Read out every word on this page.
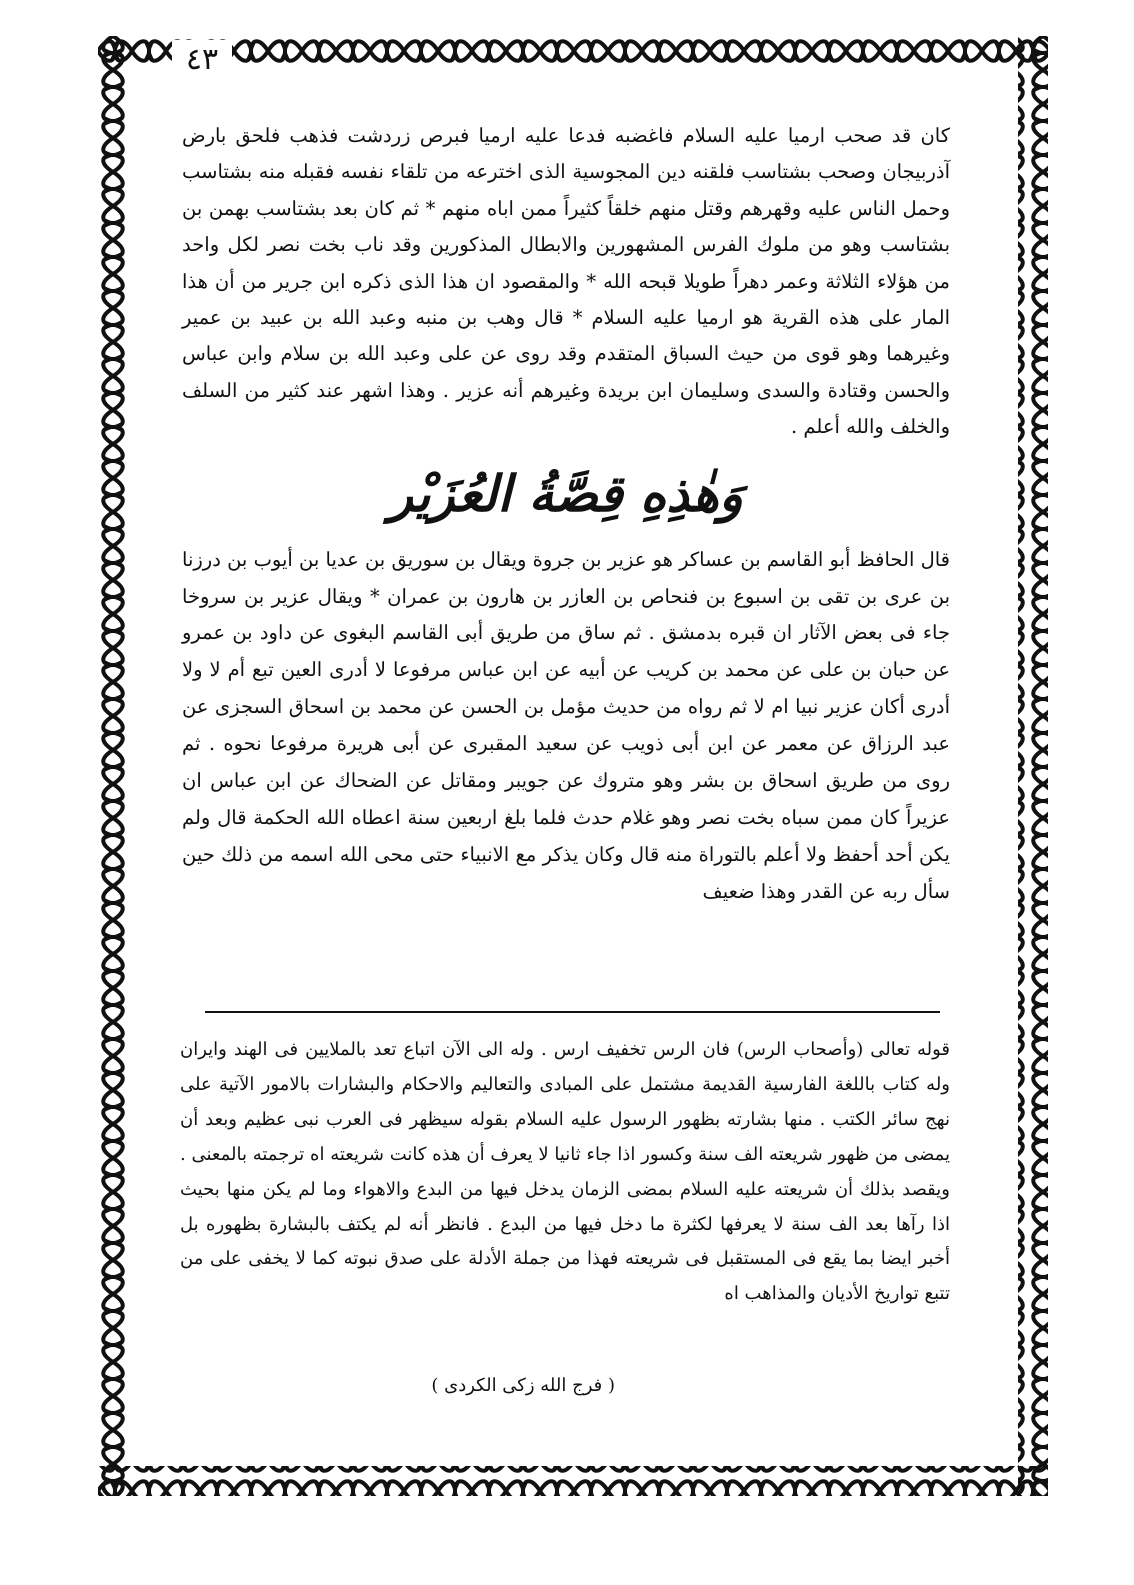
٤٣

كان قد صحب ارميا عليه السلام فاغضبه فدعا عليه ارميا فبرص زردشت فذهب فلحق بارض آذربيجان وصحب بشتاسب فلقنه دين المجوسية الذى اخترعه من تلقاء نفسه فقبله منه بشتاسب وحمل الناس عليه وقهرهم وقتل منهم خلقاً كثيراً ممن اباه منهم * ثم كان بعد بشتاسب بهمن بن بشتاسب وهو من ملوك الفرس المشهورين والابطال المذكورين وقد ناب بخت نصر لكل واحد من هؤلاء الثلاثة وعمر دهراً طويلا قبحه الله * والمقصود ان هذا الذى ذكره ابن جرير من أن هذا المار على هذه القرية هو ارميا عليه السلام * قال وهب بن منبه وعبد الله بن عبيد بن عمير وغيرهما وهو قوى من حيث السباق المتقدم وقد روى عن على وعبد الله بن سلام وابن عباس والحسن وقتادة والسدى وسليمان ابن بريدة وغيرهم أنه عزير . وهذا اشهر عند كثير من السلف والخلف والله أعلم .

وَهٰذِهِ قِصَّةُ العُزَيْر

قال الحافظ أبو القاسم بن عساكر هو عزير بن جروة ويقال بن سوريق بن عديا بن أيوب بن درزنا بن عرى بن تقى بن اسبوع بن فنحاص بن العازر بن هارون بن عمران * ويقال عزير بن سروخا جاء فى بعض الآثار ان قبره بدمشق . ثم ساق من طريق أبى القاسم البغوى عن داود بن عمرو عن حبان بن على عن محمد بن كريب عن أبيه عن ابن عباس مرفوعا لا أدرى العين تبع أم لا ولا أدرى أكان عزير نبيا ام لا ثم رواه من حديث مؤمل بن الحسن عن محمد بن اسحاق السجزى عن عبد الرزاق عن معمر عن ابن أبى ذويب عن سعيد المقبرى عن أبى هريرة مرفوعا نحوه . ثم روى من طريق اسحاق بن بشر وهو متروك عن جويبر ومقاتل عن الضحاك عن ابن عباس ان عزيراً كان ممن سباه بخت نصر وهو غلام حدث فلما بلغ اربعين سنة اعطاه الله الحكمة قال ولم يكن أحد أحفظ ولا أعلم بالتوراة منه قال وكان يذكر مع الانبياء حتى محى الله اسمه من ذلك حين سأل ربه عن القدر وهذا ضعيف

قوله تعالى (وأصحاب الرس) فان الرس تخفيف ارس . وله الى الآن اتباع تعد بالملايين فى الهند وايران وله كتاب باللغة الفارسية القديمة مشتمل على المبادى والتعاليم والاحكام والبشارات بالامور الآتية على نهج سائر الكتب . منها بشارته بظهور الرسول عليه السلام بقوله سيظهر فى العرب نبى عظيم وبعد أن يمضى من ظهور شريعته الف سنة وكسور اذا جاء ثانيا لا يعرف أن هذه كانت شريعته اه ترجمته بالمعنى . ويقصد بذلك أن شريعته عليه السلام بمضى الزمان يدخل فيها من البدع والاهواء وما لم يكن منها بحيث اذا رآها بعد الف سنة لا يعرفها لكثرة ما دخل فيها من البدع . فانظر أنه لم يكتف بالبشارة بظهوره بل أخبر ايضا بما يقع فى المستقبل فى شريعته فهذا من جملة الأدلة على صدق نبوته كما لا يخفى على من تتبع تواريخ الأديان والمذاهب اه

( فرج الله زكى الكردى )
